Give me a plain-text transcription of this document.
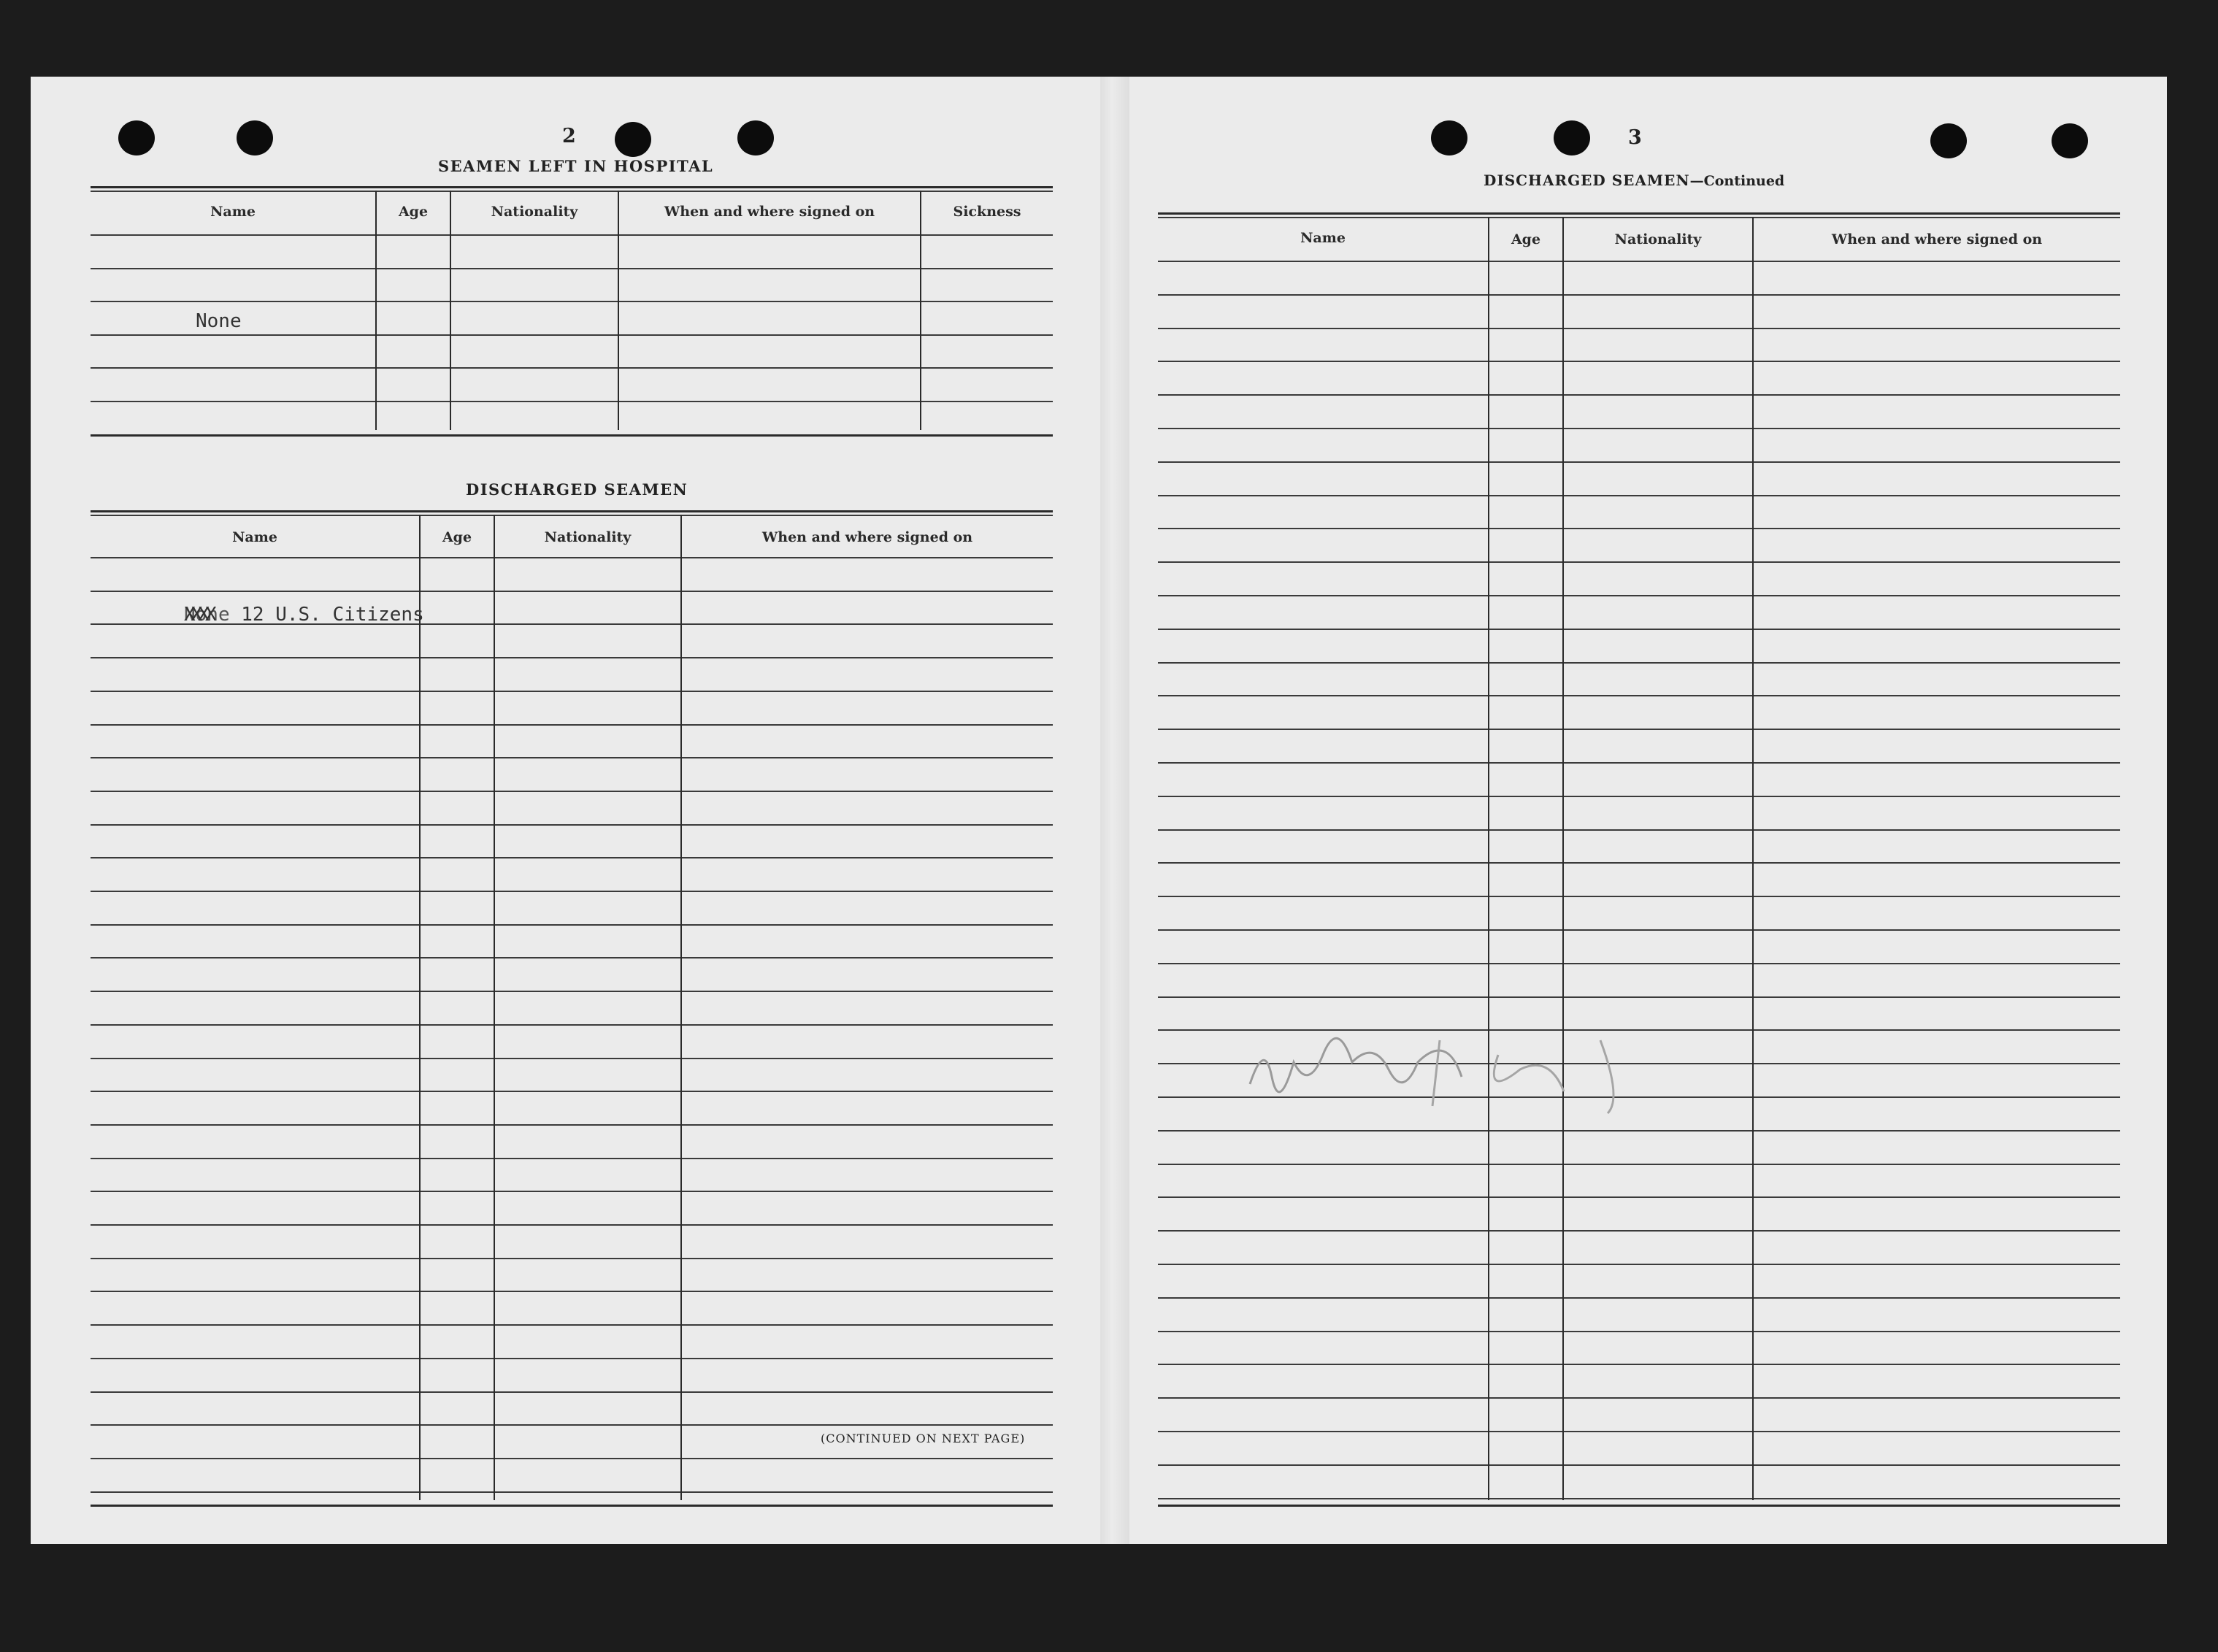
2
SEAMEN LEFT IN HOSPITAL
Name	Age	Nationality	When and where signed on	Sickness
None
DISCHARGED SEAMEN
Name	Age	Nationality	When and where signed on
None XXXX 12 U.S. Citizens
(CONTINUED ON NEXT PAGE)
3
DISCHARGED SEAMEN—Continued
Name	Age	Nationality	When and where signed on
